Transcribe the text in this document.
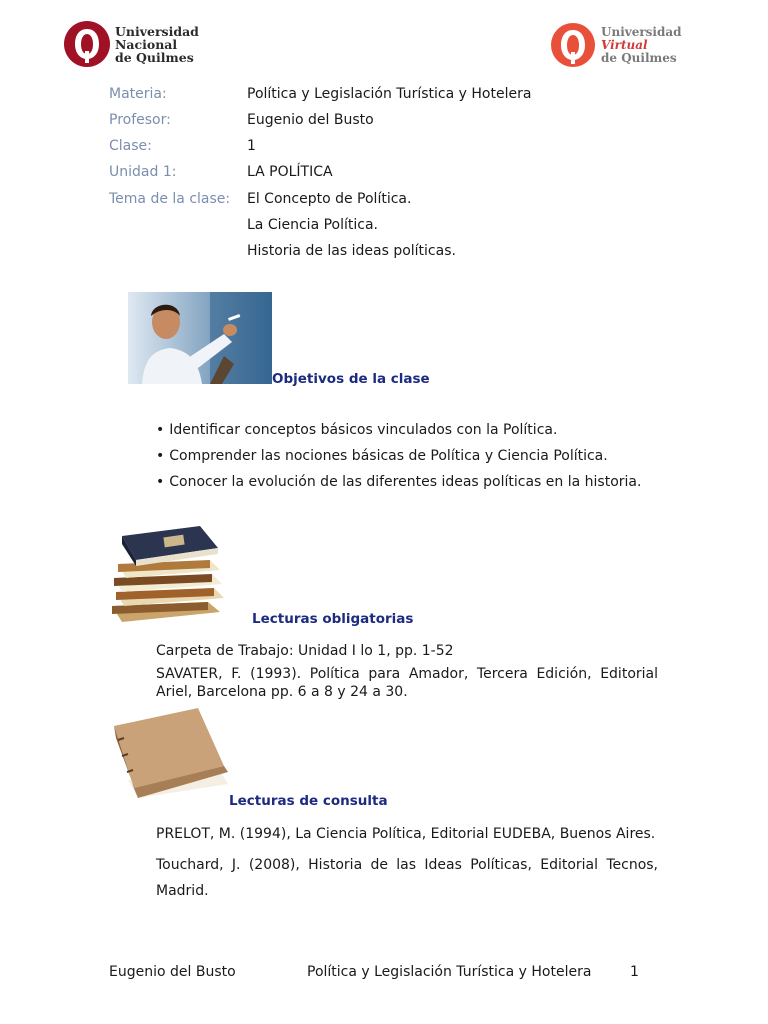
Universidad
Nacional
de Quilmes
Universidad
Virtual
de Quilmes
Materia:	Política y Legislación Turística y Hotelera
Profesor:	Eugenio del Busto
Clase:	1
Unidad 1:	LA POLÍTICA
Tema de la clase: El Concepto de Política.
La Ciencia Política.
Historia de las ideas políticas.
Objetivos de la clase
• Identificar conceptos básicos vinculados con la Política.
• Comprender las nociones básicas de Política y Ciencia Política.
• Conocer la evolución de las diferentes ideas políticas en la historia.
Lecturas obligatorias
Carpeta de Trabajo: Unidad I lo 1, pp. 1-52
SAVATER, F. (1993). Política para Amador, Tercera Edición, Editorial Ariel, Barcelona pp. 6 a 8 y 24 a 30.
Lecturas de consulta
PRELOT, M. (1994), La Ciencia Política, Editorial EUDEBA, Buenos Aires.
Touchard, J. (2008), Historia de las Ideas Políticas, Editorial Tecnos, Madrid.
Eugenio del Busto	Política y Legislación Turística y Hotelera	1
